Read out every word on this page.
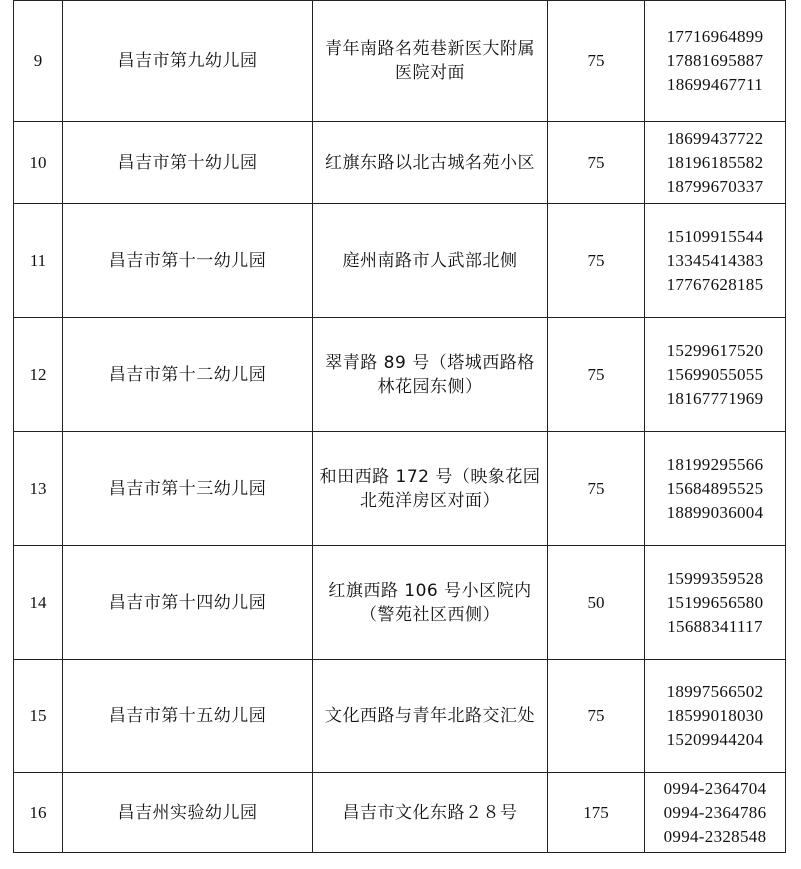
9	昌吉市第九幼儿园	青年南路名苑巷新医大附属医院对面	75	17716964899
17881695887
18699467711

10	昌吉市第十幼儿园	红旗东路以北古城名苑小区	75	18699437722
18196185582
18799670337

11	昌吉市第十一幼儿园	庭州南路市人武部北侧	75	15109915544
13345414383
17767628185

12	昌吉市第十二幼儿园	翠青路 89 号（塔城西路格林花园东侧）	75	15299617520
15699055055
18167771969

13	昌吉市第十三幼儿园	和田西路 172 号（映象花园北苑洋房区对面）	75	18199295566
15684895525
18899036004

14	昌吉市第十四幼儿园	红旗西路 106 号小区院内（警苑社区西侧）	50	15999359528
15199656580
15688341117

15	昌吉市第十五幼儿园	文化西路与青年北路交汇处	75	18997566502
18599018030
15209944204

16	昌吉州实验幼儿园	昌吉市文化东路２８号	175	0994-2364704
0994-2364786
0994-2328548
